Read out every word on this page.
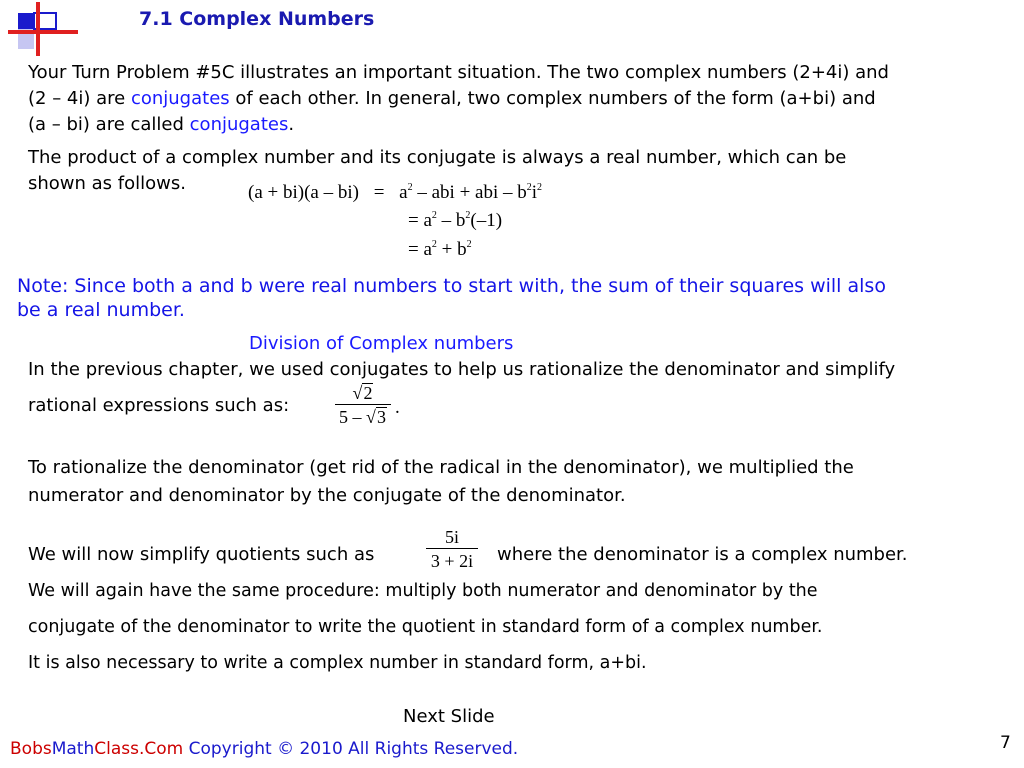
7.1 Complex Numbers
Your Turn Problem #5C illustrates an important situation. The two complex numbers (2+4i) and
(2 – 4i) are conjugates of each other. In general, two complex numbers of the form (a+bi) and
(a – bi) are called conjugates.
The product of a complex number and its conjugate is always a real number, which can be
shown as follows.	$(a + bi)(a - bi) = a^2$ – abi + abi – $b^2i^2$
= $a^2 - b^2(-1)$
= $a^2 + b^2$
Note: Since both a and b were real numbers to start with, the sum of their squares will also
be a real number.
Division of Complex numbers
In the previous chapter, we used conjugates to help us rationalize the denominator and simplify
rational expressions such as:
√2
5 – √3 .
To rationalize the denominator (get rid of the radical in the denominator), we multiplied the
numerator and denominator by the conjugate of the denominator.
We will now simplify quotients such as
5i
3 + 2i	where the denominator is a complex number.
We will again have the same procedure: multiply both numerator and denominator by the
conjugate of the denominator to write the quotient in standard form of a complex number.
It is also necessary to write a complex number in standard form, a+bi.
Next Slide
BobsMathClass.Com Copyright © 2010 All Rights Reserved.	7
